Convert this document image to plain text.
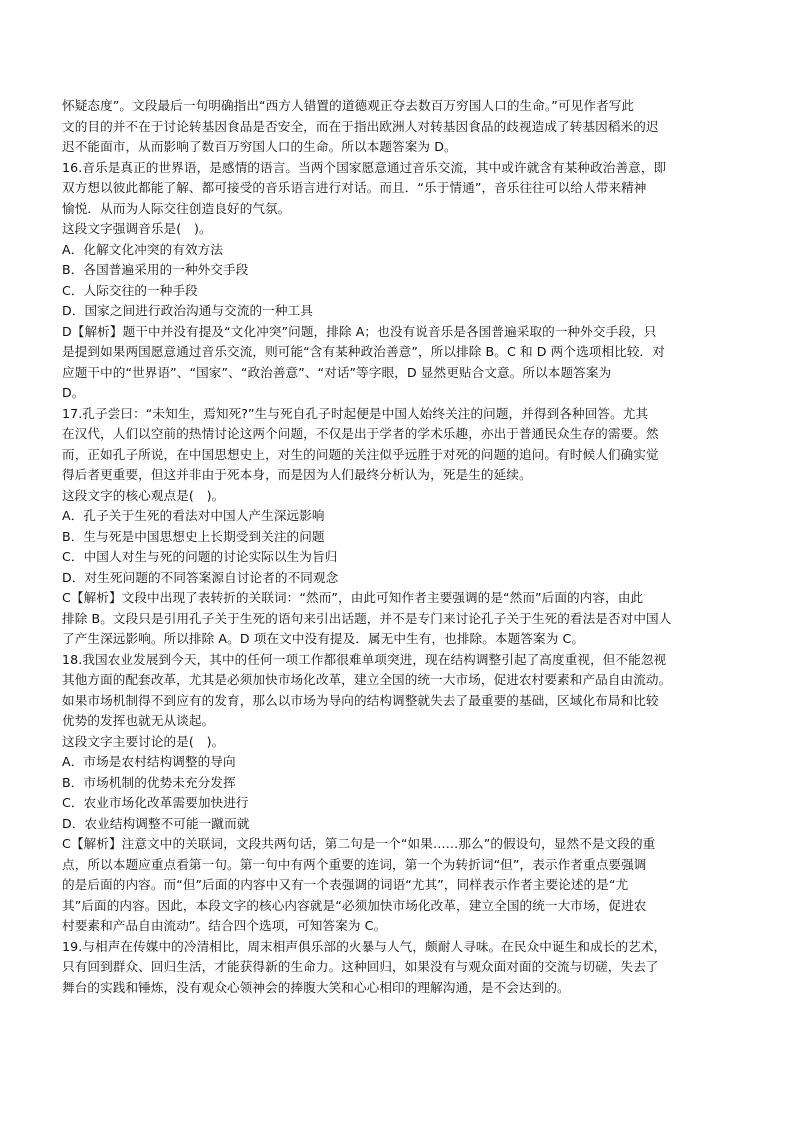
怀疑态度”。文段最后一句明确指出“西方人错置的道德观正夺去数百万穷国人口的生命。”可见作者写此
文的目的并不在于讨论转基因食品是否安全，而在于指出欧洲人对转基因食品的歧视造成了转基因稻米的迟
迟不能面市，从而影响了数百万穷国人口的生命。所以本题答案为 D。
16.音乐是真正的世界语，是感情的语言。当两个国家愿意通过音乐交流，其中或许就含有某种政治善意，即
双方想以彼此都能了解、都可接受的音乐语言进行对话。而且．“乐于情通”，音乐往往可以给人带来精神
愉悦．从而为人际交往创造良好的气氛。
这段文字强调音乐是(　)。
A．化解文化冲突的有效方法
B．各国普遍采用的一种外交手段
C．人际交往的一种手段
D．国家之间进行政治沟通与交流的一种工具
D【解析】题干中并没有提及“文化冲突”问题，排除 A；也没有说音乐是各国普遍采取的一种外交手段，只
是提到如果两国愿意通过音乐交流，则可能“含有某种政治善意”，所以排除 B。C 和 D 两个选项相比较．对
应题干中的“世界语”、“国家”、“政治善意”、“对话”等字眼，D 显然更贴合文意。所以本题答案为
D。
17.孔子尝曰：“未知生，焉知死?”生与死自孔子时起便是中国人始终关注的问题，并得到各种回答。尤其
在汉代，人们以空前的热情讨论这两个问题，不仅是出于学者的学术乐趣，亦出于普通民众生存的需要。然
而，正如孔子所说，在中国思想史上，对生的问题的关注似乎远胜于对死的问题的追问。有时候人们确实觉
得后者更重要，但这并非由于死本身，而是因为人们最终分析认为，死是生的延续。
这段文字的核心观点是(　)。
A．孔子关于生死的看法对中国人产生深远影响
B．生与死是中国思想史上长期受到关注的问题
C．中国人对生与死的问题的讨论实际以生为旨归
D．对生死问题的不同答案源自讨论者的不同观念
C【解析】文段中出现了表转折的关联词：“然而”，由此可知作者主要强调的是“然而”后面的内容，由此
排除 B。文段只是引用孔子关于生死的语句来引出话题，并不是专门来讨论孔子关于生死的看法是否对中国人
了产生深远影响。所以排除 A。D 项在文中没有提及．属无中生有，也排除。本题答案为 C。
18.我国农业发展到今天，其中的任何一项工作都很难单项突进，现在结构调整引起了高度重视，但不能忽视
其他方面的配套改革，尤其是必须加快市场化改革，建立全国的统一大市场，促进农村要素和产品自由流动。
如果市场机制得不到应有的发育，那么以市场为导向的结构调整就失去了最重要的基础，区域化布局和比较
优势的发挥也就无从谈起。
这段文字主要讨论的是(　)。
A．市场是农村结构调整的导向
B．市场机制的优势未充分发挥
C．农业市场化改革需要加快进行
D．农业结构调整不可能一蹴而就
C【解析】注意文中的关联词，文段共两句话，第二句是一个“如果……那么”的假设句，显然不是文段的重
点，所以本题应重点看第一句。第一句中有两个重要的连词，第一个为转折词“但”，表示作者重点要强调
的是后面的内容。而“但”后面的内容中又有一个表强调的词语“尤其”，同样表示作者主要论述的是“尤
其”后面的内容。因此，本段文字的核心内容就是“必须加快市场化改革，建立全国的统一大市场，促进农
村要素和产品自由流动”。结合四个选项，可知答案为 C。
19.与相声在传媒中的冷清相比，周末相声俱乐部的火暴与人气，颇耐人寻味。在民众中诞生和成长的艺术，
只有回到群众、回归生活，才能获得新的生命力。这种回归，如果没有与观众面对面的交流与切磋，失去了
舞台的实践和锤炼，没有观众心领神会的捧腹大笑和心心相印的理解沟通，是不会达到的。
